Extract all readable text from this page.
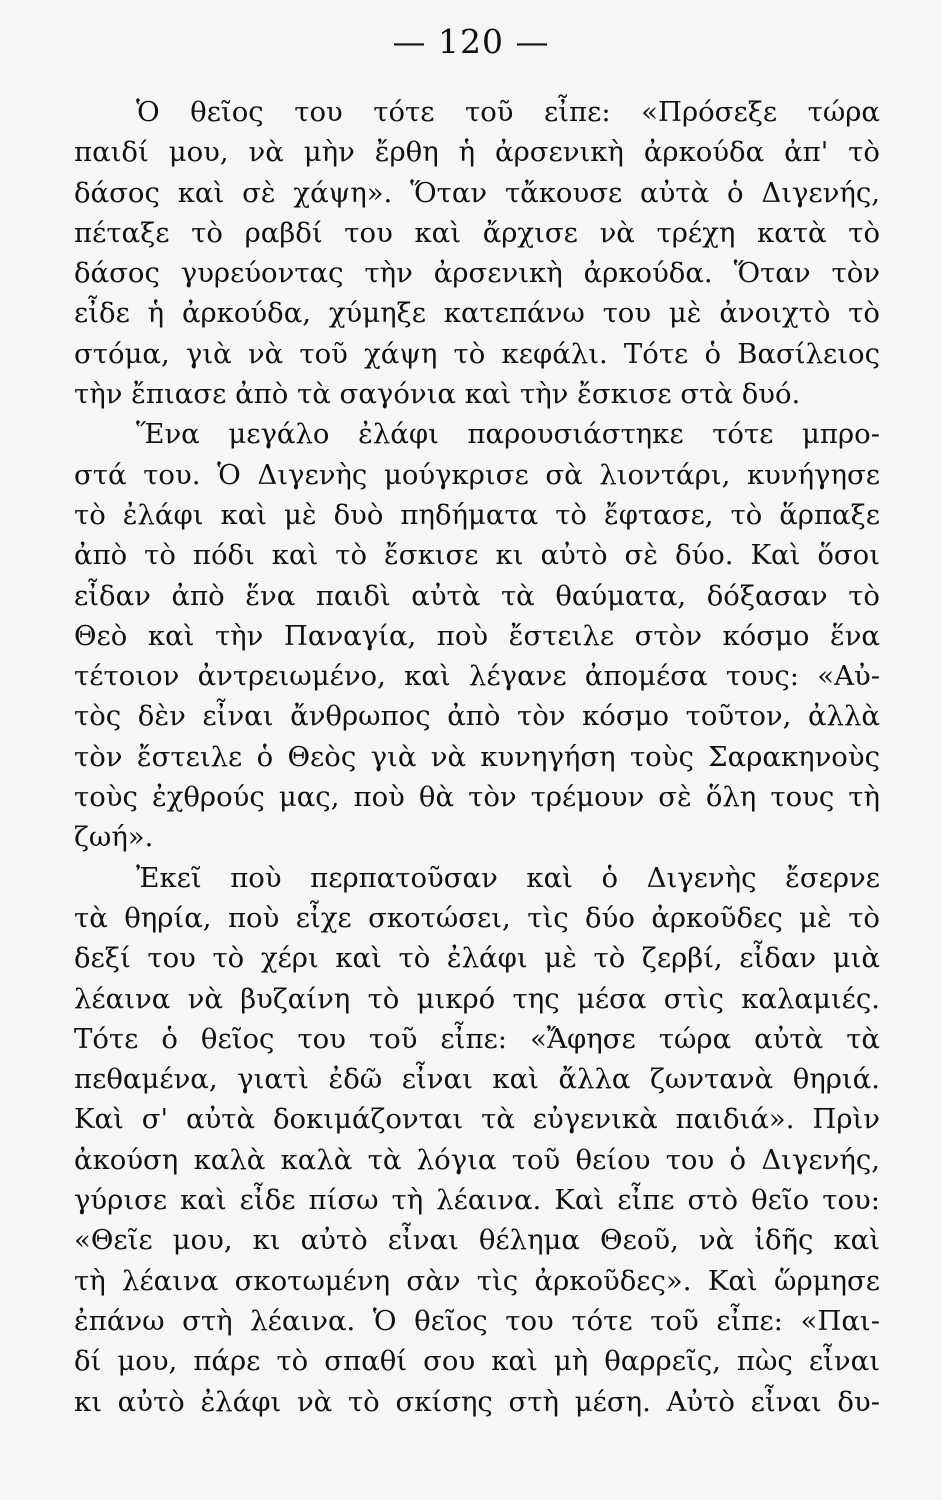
— 120 —
Ὁ θεῖος του τότε τοῦ εἶπε: «Πρόσεξε τώρα
παιδί μου, νὰ μὴν ἔρθη ἡ ἀρσενικὴ ἀρκούδα ἀπ' τὸ
δάσος καὶ σὲ χάψη». Ὅταν τἄκουσε αὐτὰ ὁ Διγενής,
πέταξε τὸ ραβδί του καὶ ἄρχισε νὰ τρέχη κατὰ τὸ
δάσος γυρεύοντας τὴν ἀρσενικὴ ἀρκούδα. Ὅταν τὸν
εἶδε ἡ ἀρκούδα, χύμηξε κατεπάνω του μὲ ἀνοιχτὸ τὸ
στόμα, γιὰ νὰ τοῦ χάψη τὸ κεφάλι. Τότε ὁ Βασίλειος
τὴν ἔπιασε ἀπὸ τὰ σαγόνια καὶ τὴν ἔσκισε στὰ δυό.
Ἕνα μεγάλο ἐλάφι παρουσιάστηκε τότε μπρο-
στά του. Ὁ Διγενὴς μούγκρισε σὰ λιοντάρι, κυνήγησε
τὸ ἐλάφι καὶ μὲ δυὸ πηδήματα τὸ ἔφτασε, τὸ ἅρπαξε
ἀπὸ τὸ πόδι καὶ τὸ ἔσκισε κι αὐτὸ σὲ δύο. Καὶ ὅσοι
εἶδαν ἀπὸ ἕνα παιδὶ αὐτὰ τὰ θαύματα, δόξασαν τὸ
Θεὸ καὶ τὴν Παναγία, ποὺ ἔστειλε στὸν κόσμο ἕνα
τέτοιον ἀντρειωμένο, καὶ λέγανε ἀπομέσα τους: «Αὐ-
τὸς δὲν εἶναι ἄνθρωπος ἀπὸ τὸν κόσμο τοῦτον, ἀλλὰ
τὸν ἔστειλε ὁ Θεὸς γιὰ νὰ κυνηγήση τοὺς Σαρακηνοὺς
τοὺς ἐχθρούς μας, ποὺ θὰ τὸν τρέμουν σὲ ὅλη τους τὴ
ζωή».
Ἐκεῖ ποὺ περπατοῦσαν καὶ ὁ Διγενὴς ἔσερνε
τὰ θηρία, ποὺ εἶχε σκοτώσει, τὶς δύο ἀρκοῦδες μὲ τὸ
δεξί του τὸ χέρι καὶ τὸ ἐλάφι μὲ τὸ ζερβί, εἶδαν μιὰ
λέαινα νὰ βυζαίνη τὸ μικρό της μέσα στὶς καλαμιές.
Τότε ὁ θεῖος του τοῦ εἶπε: «Ἄφησε τώρα αὐτὰ τὰ
πεθαμένα, γιατὶ ἐδῶ εἶναι καὶ ἄλλα ζωντανὰ θηριά.
Καὶ σ' αὐτὰ δοκιμάζονται τὰ εὐγενικὰ παιδιά». Πρὶν
ἀκούση καλὰ καλὰ τὰ λόγια τοῦ θείου του ὁ Διγενής,
γύρισε καὶ εἶδε πίσω τὴ λέαινα. Καὶ εἶπε στὸ θεῖο του:
«Θεῖε μου, κι αὐτὸ εἶναι θέλημα Θεοῦ, νὰ ἰδῆς καὶ
τὴ λέαινα σκοτωμένη σὰν τὶς ἀρκοῦδες». Καὶ ὥρμησε
ἐπάνω στὴ λέαινα. Ὁ θεῖος του τότε τοῦ εἶπε: «Παι-
δί μου, πάρε τὸ σπαθί σου καὶ μὴ θαρρεῖς, πὼς εἶναι
κι αὐτὸ ἐλάφι νὰ τὸ σκίσης στὴ μέση. Αὐτὸ εἶναι δυ-
